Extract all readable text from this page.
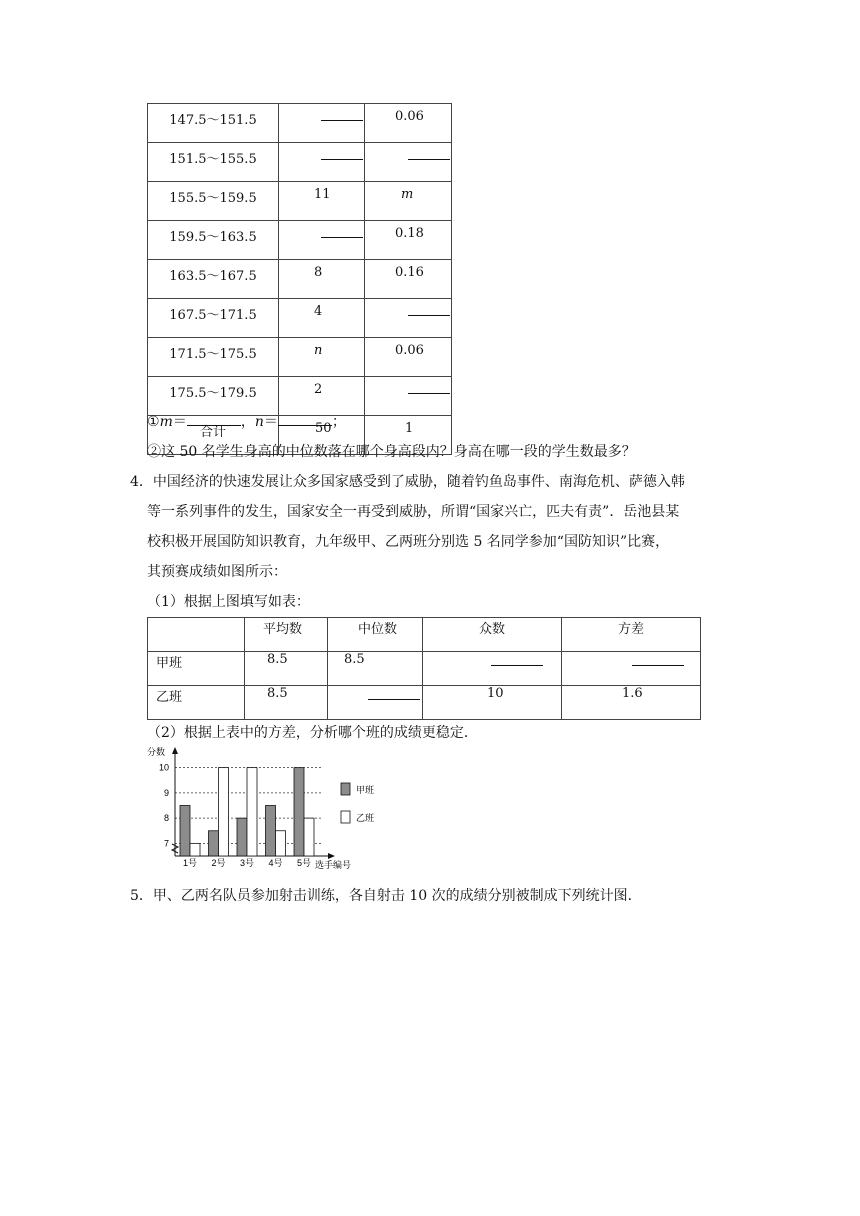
147.5～151.5		0.06
151.5～155.5		
155.5～159.5	11	m
159.5～163.5		0.18
163.5～167.5	8	0.16
167.5～171.5	4	
171.5～175.5	n	0.06
175.5～179.5	2	
合计	50	1
①m＝	，n＝	；
②这 50 名学生身高的中位数落在哪个身高段内？身高在哪一段的学生数最多？
4．中国经济的快速发展让众多国家感受到了威胁，随着钓鱼岛事件、南海危机、萨德入韩
等一系列事件的发生，国家安全一再受到威胁，所谓“国家兴亡，匹夫有责”．岳池县某
校积极开展国防知识教育，九年级甲、乙两班分别选 5 名同学参加“国防知识”比赛，
其预赛成绩如图所示：
（1）根据上图填写如表：
	平均数	中位数	众数	方差
甲班	8.5	8.5		
乙班	8.5		10	1.6
（2）根据上表中的方差，分析哪个班的成绩更稳定．
7
8
9
10
分数
选手编号
1号 2号 3号 4号 5号
甲班
乙班
5．甲、乙两名队员参加射击训练，各自射击 10 次的成绩分别被制成下列统计图．
